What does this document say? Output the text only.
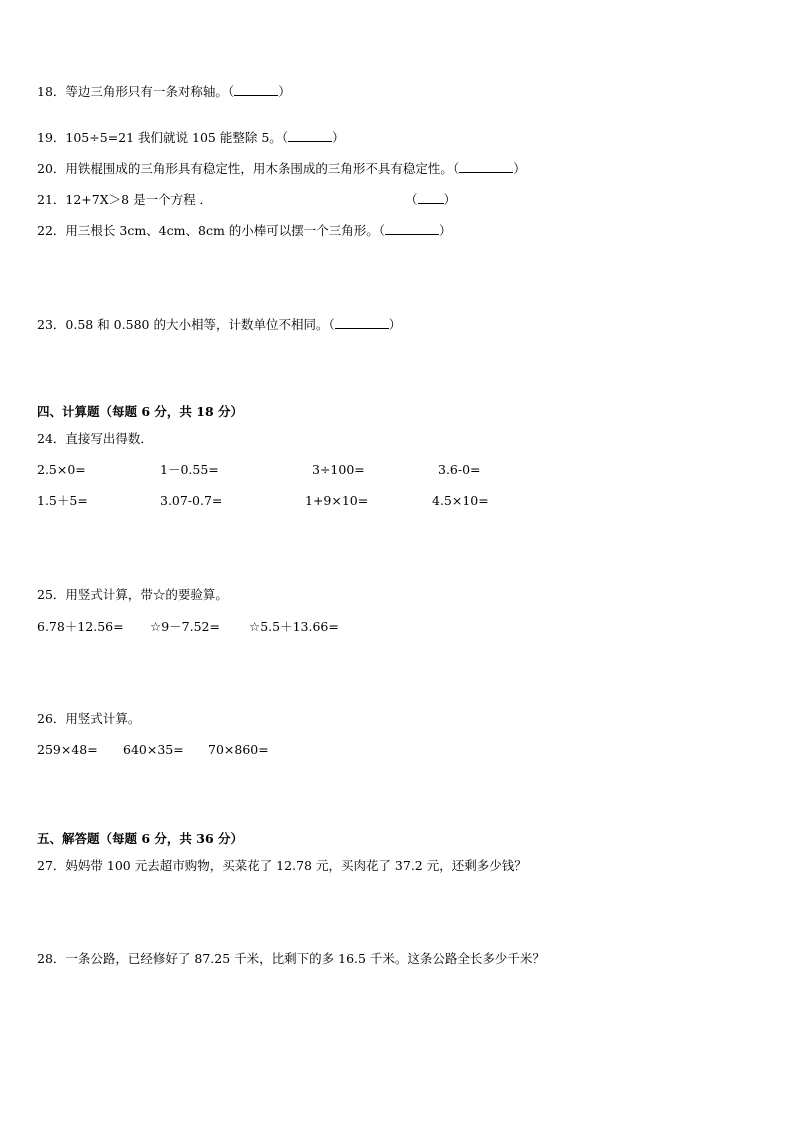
18．等边三角形只有一条对称轴。（	）
19．105÷5=21 我们就说 105 能整除 5。（	）
20．用铁棍围成的三角形具有稳定性，用木条围成的三角形不具有稳定性。（	）
21．12+7X＞8 是一个方程 ．	（ ）
22．用三根长 3cm、4cm、8cm 的小棒可以摆一个三角形。（	）
23．0.58 和 0.580 的大小相等，计数单位不相同。（	）
四、计算题（每题 6 分，共 18 分）
24．直接写出得数．
2.5×0=	1－0.55=	3÷100=	3.6-0=
1.5＋5=	3.07-0.7=	1+9×10=	4.5×10=
25．用竖式计算，带☆的要验算。
6.78＋12.56= ☆9－7.52= ☆5.5＋13.66=
26．用竖式计算。
259×48= 640×35= 70×860=
五、解答题（每题 6 分，共 36 分）
27．妈妈带 100 元去超市购物，买菜花了 12.78 元，买肉花了 37.2 元，还剩多少钱？
28．一条公路，已经修好了 87.25 千米，比剩下的多 16.5 千米。这条公路全长多少千米？
